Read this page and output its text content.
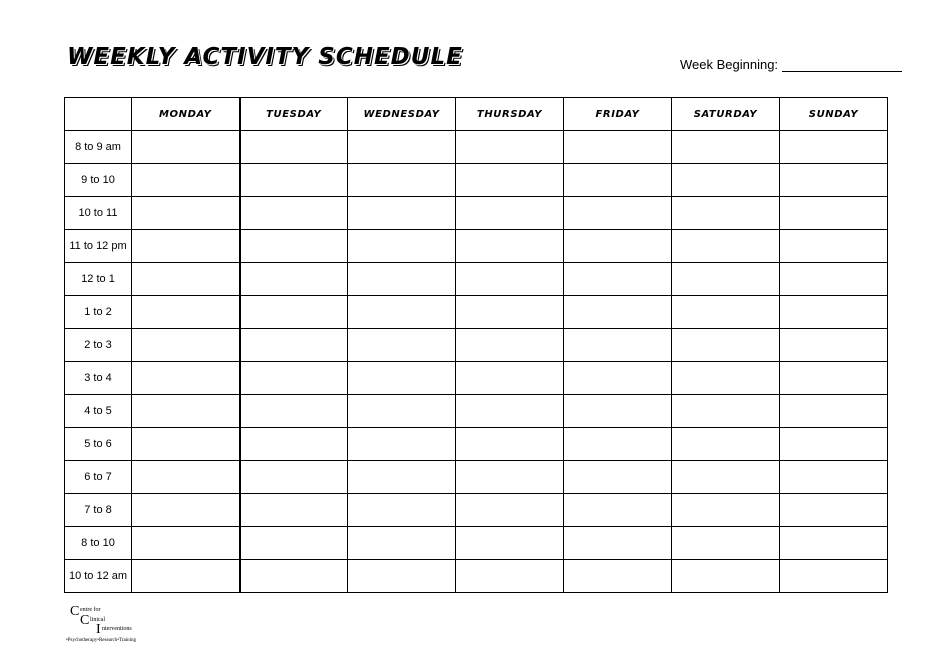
WEEKLY ACTIVITY SCHEDULE	Week Beginning:
	MONDAY	TUESDAY	WEDNESDAY	THURSDAY	FRIDAY	SATURDAY	SUNDAY
8 to 9 am							
9 to 10							
10 to 11							
11 to 12 pm							
12 to 1							
1 to 2							
2 to 3							
3 to 4							
4 to 5							
5 to 6							
6 to 7							
7 to 8							
8 to 10							
10 to 12 am							
C entre for
C linical
I nterventions
•Psychotherapy•Research•Training
